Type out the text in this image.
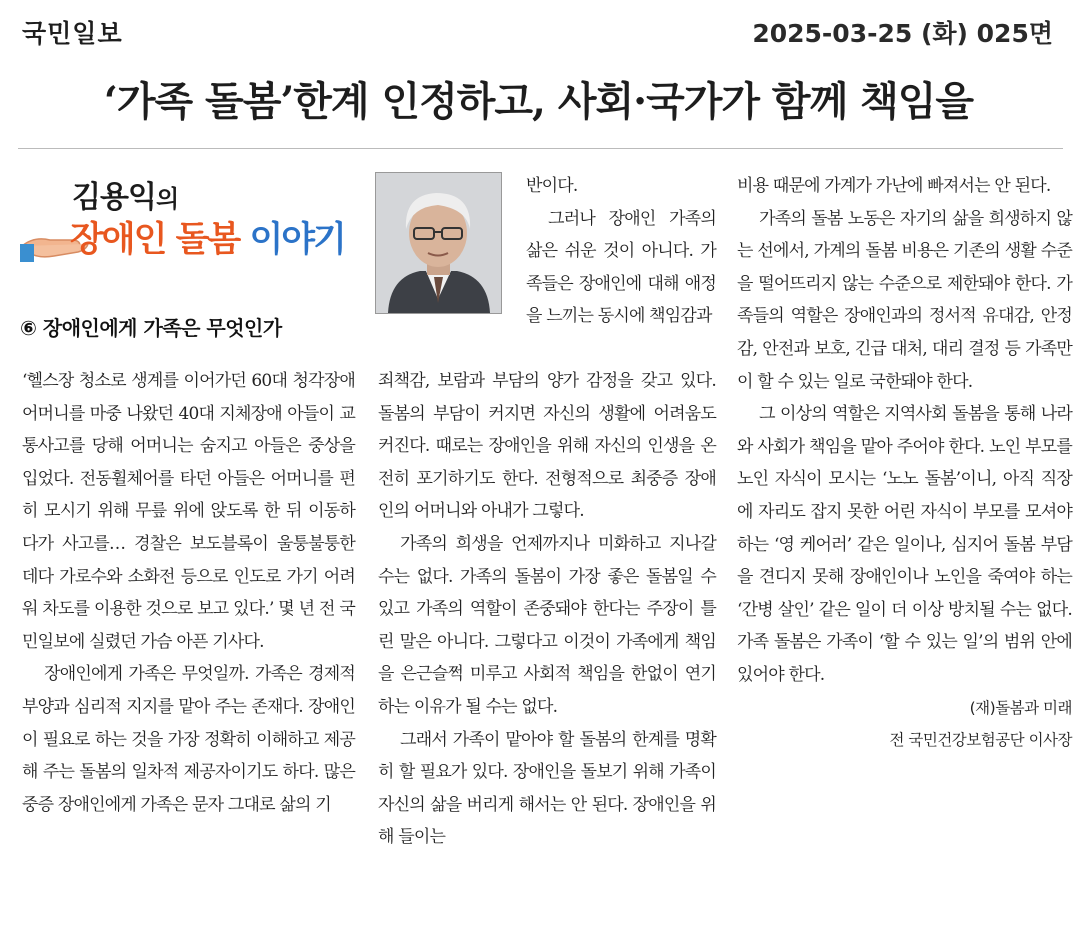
국민일보	2025-03-25 (화) 025면
‘가족 돌봄’한계 인정하고, 사회·국가가 함께 책임을
김용익의
장애인 돌봄 이야기
⑥ 장애인에게 가족은 무엇인가

‘헬스장 청소로 생계를 이어가던 60대 청각장애 어머니를 마중 나왔던 40대 지체장애 아들이 교통사고를 당해 어머니는 숨지고 아들은 중상을 입었다. 전동휠체어를 타던 아들은 어머니를 편히 모시기 위해 무릎 위에 앉도록 한 뒤 이동하다가 사고를… 경찰은 보도블록이 울퉁불퉁한 데다 가로수와 소화전 등으로 인도로 가기 어려워 차도를 이용한 것으로 보고 있다.’ 몇 년 전 국민일보에 실렸던 가슴 아픈 기사다.

장애인에게 가족은 무엇일까. 가족은 경제적 부양과 심리적 지지를 맡아 주는 존재다. 장애인이 필요로 하는 것을 가장 정확히 이해하고 제공해 주는 돌봄의 일차적 제공자이기도 하다. 많은 중증 장애인에게 가족은 문자 그대로 삶의 기

반이다.

그러나 장애인 가족의 삶은 쉬운 것이 아니다. 가족들은 장애인에 대해 애정을 느끼는 동시에 책임감과

죄책감, 보람과 부담의 양가 감정을 갖고 있다. 돌봄의 부담이 커지면 자신의 생활에 어려움도 커진다. 때로는 장애인을 위해 자신의 인생을 온전히 포기하기도 한다. 전형적으로 최중증 장애인의 어머니와 아내가 그렇다.

가족의 희생을 언제까지나 미화하고 지나갈 수는 없다. 가족의 돌봄이 가장 좋은 돌봄일 수 있고 가족의 역할이 존중돼야 한다는 주장이 틀린 말은 아니다. 그렇다고 이것이 가족에게 책임을 은근슬쩍 미루고 사회적 책임을 한없이 연기하는 이유가 될 수는 없다.

그래서 가족이 맡아야 할 돌봄의 한계를 명확히 할 필요가 있다. 장애인을 돌보기 위해 가족이 자신의 삶을 버리게 해서는 안 된다. 장애인을 위해 들이는

비용 때문에 가계가 가난에 빠져서는 안 된다.

가족의 돌봄 노동은 자기의 삶을 희생하지 않는 선에서, 가계의 돌봄 비용은 기존의 생활 수준을 떨어뜨리지 않는 수준으로 제한돼야 한다. 가족들의 역할은 장애인과의 정서적 유대감, 안정감, 안전과 보호, 긴급 대처, 대리 결정 등 가족만이 할 수 있는 일로 국한돼야 한다.

그 이상의 역할은 지역사회 돌봄을 통해 나라와 사회가 책임을 맡아 주어야 한다. 노인 부모를 노인 자식이 모시는 ‘노노 돌봄’이니, 아직 직장에 자리도 잡지 못한 어린 자식이 부모를 모셔야 하는 ‘영 케어러’ 같은 일이나, 심지어 돌봄 부담을 견디지 못해 장애인이나 노인을 죽여야 하는 ‘간병 살인’ 같은 일이 더 이상 방치될 수는 없다. 가족 돌봄은 가족이 ‘할 수 있는 일’의 범위 안에 있어야 한다.

(재)돌봄과 미래

전 국민건강보험공단 이사장
